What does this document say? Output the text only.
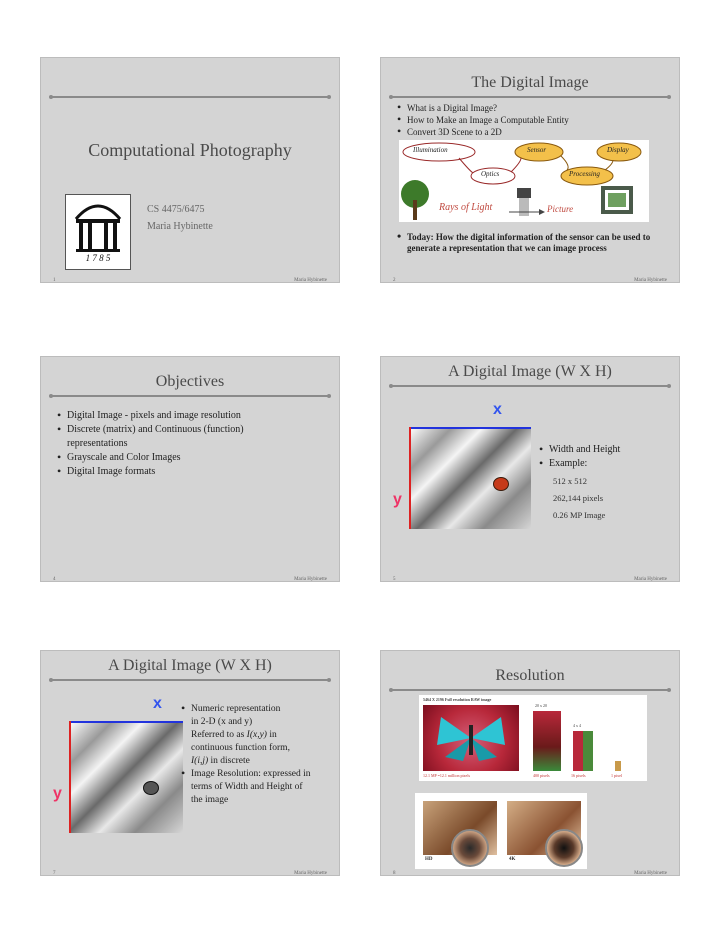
Computational Photography
CS 4475/6475
Maria Hybinette
1 7 8 5
1	Maria Hybinette
The Digital Image
• What is a Digital Image?
• How to Make an Image a Computable Entity
• Convert 3D Scene to a 2D
Illumination	Sensor	Display
Optics	Processing
Rays of Light	Picture
• Today: How the digital information of the sensor can be used to generate a representation that we can image process
2	Maria Hybinette
Objectives
• Digital Image - pixels and image resolution
• Discrete (matrix) and Continuous (function) representations
• Grayscale and Color Images
• Digital Image formats
4	Maria Hybinette
A Digital Image (W X H)
x
y
• Width and Height
• Example:
512 x 512
262,144 pixels
0.26 MP Image
5	Maria Hybinette
A Digital Image (W X H)
x
y
• Numeric representation
in 2-D (x and y)
Referred to as I(x,y) in
continuous function form,
I(i,j) in discrete
• Image Resolution: expressed in terms of Width and Height of the image
7	Maria Hybinette
Resolution
5464 X 2196 Full resolution RAW image
20 x 20
4 x 4
12.1 MP =12.1 million pixels	400 pixels	16 pixels	1 pixel
HD	4K
8	Maria Hybinette
